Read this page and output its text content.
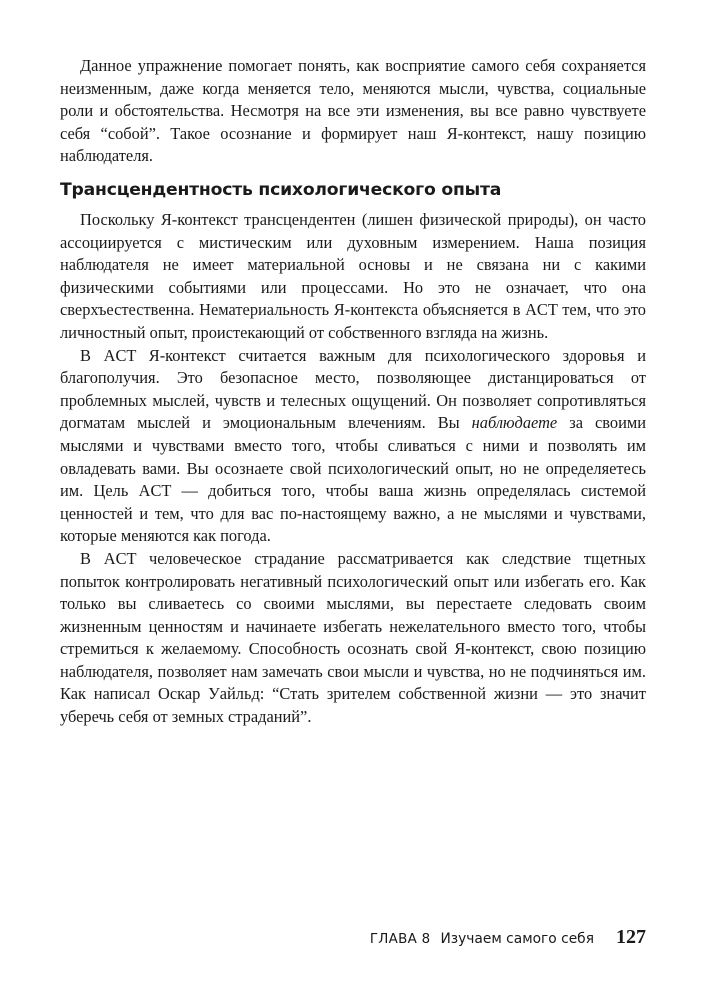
Данное упражнение помогает понять, как восприятие самого себя сохраняется неизменным, даже когда меняется тело, меняются мысли, чувства, социальные роли и обстоятельства. Несмотря на все эти изменения, вы все равно чувствуете себя “собой”. Такое осознание и формирует наш Я-контекст, нашу позицию наблюдателя.

Трансцендентность психологического опыта

Поскольку Я-контекст трансцендентен (лишен физической природы), он часто ассоциируется с мистическим или духовным измерением. Наша позиция наблюдателя не имеет материальной основы и не связана ни с какими физическими событиями или процессами. Но это не означает, что она сверхъестественна. Нематериальность Я-контекста объясняется в ACT тем, что это личностный опыт, проистекающий от собственного взгляда на жизнь.

В ACT Я-контекст считается важным для психологического здоровья и благополучия. Это безопасное место, позволяющее дистанцироваться от проблемных мыслей, чувств и телесных ощущений. Он позволяет сопротивляться догматам мыслей и эмоциональным влечениям. Вы наблюдаете за своими мыслями и чувствами вместо того, чтобы сливаться с ними и позволять им овладевать вами. Вы осознаете свой психологический опыт, но не определяетесь им. Цель ACT — добиться того, чтобы ваша жизнь определялась системой ценностей и тем, что для вас по-настоящему важно, а не мыслями и чувствами, которые меняются как погода.

В ACT человеческое страдание рассматривается как следствие тщетных попыток контролировать негативный психологический опыт или избегать его. Как только вы сливаетесь со своими мыслями, вы перестаете следовать своим жизненным ценностям и начинаете избегать нежелательного вместо того, чтобы стремиться к желаемому. Способность осознать свой Я-контекст, свою позицию наблюдателя, позволяет нам замечать свои мысли и чувства, но не подчиняться им. Как написал Оскар Уайльд: “Стать зрителем собственной жизни — это значит уберечь себя от земных страданий”.

ГЛАВА 8 Изучаем самого себя 127
